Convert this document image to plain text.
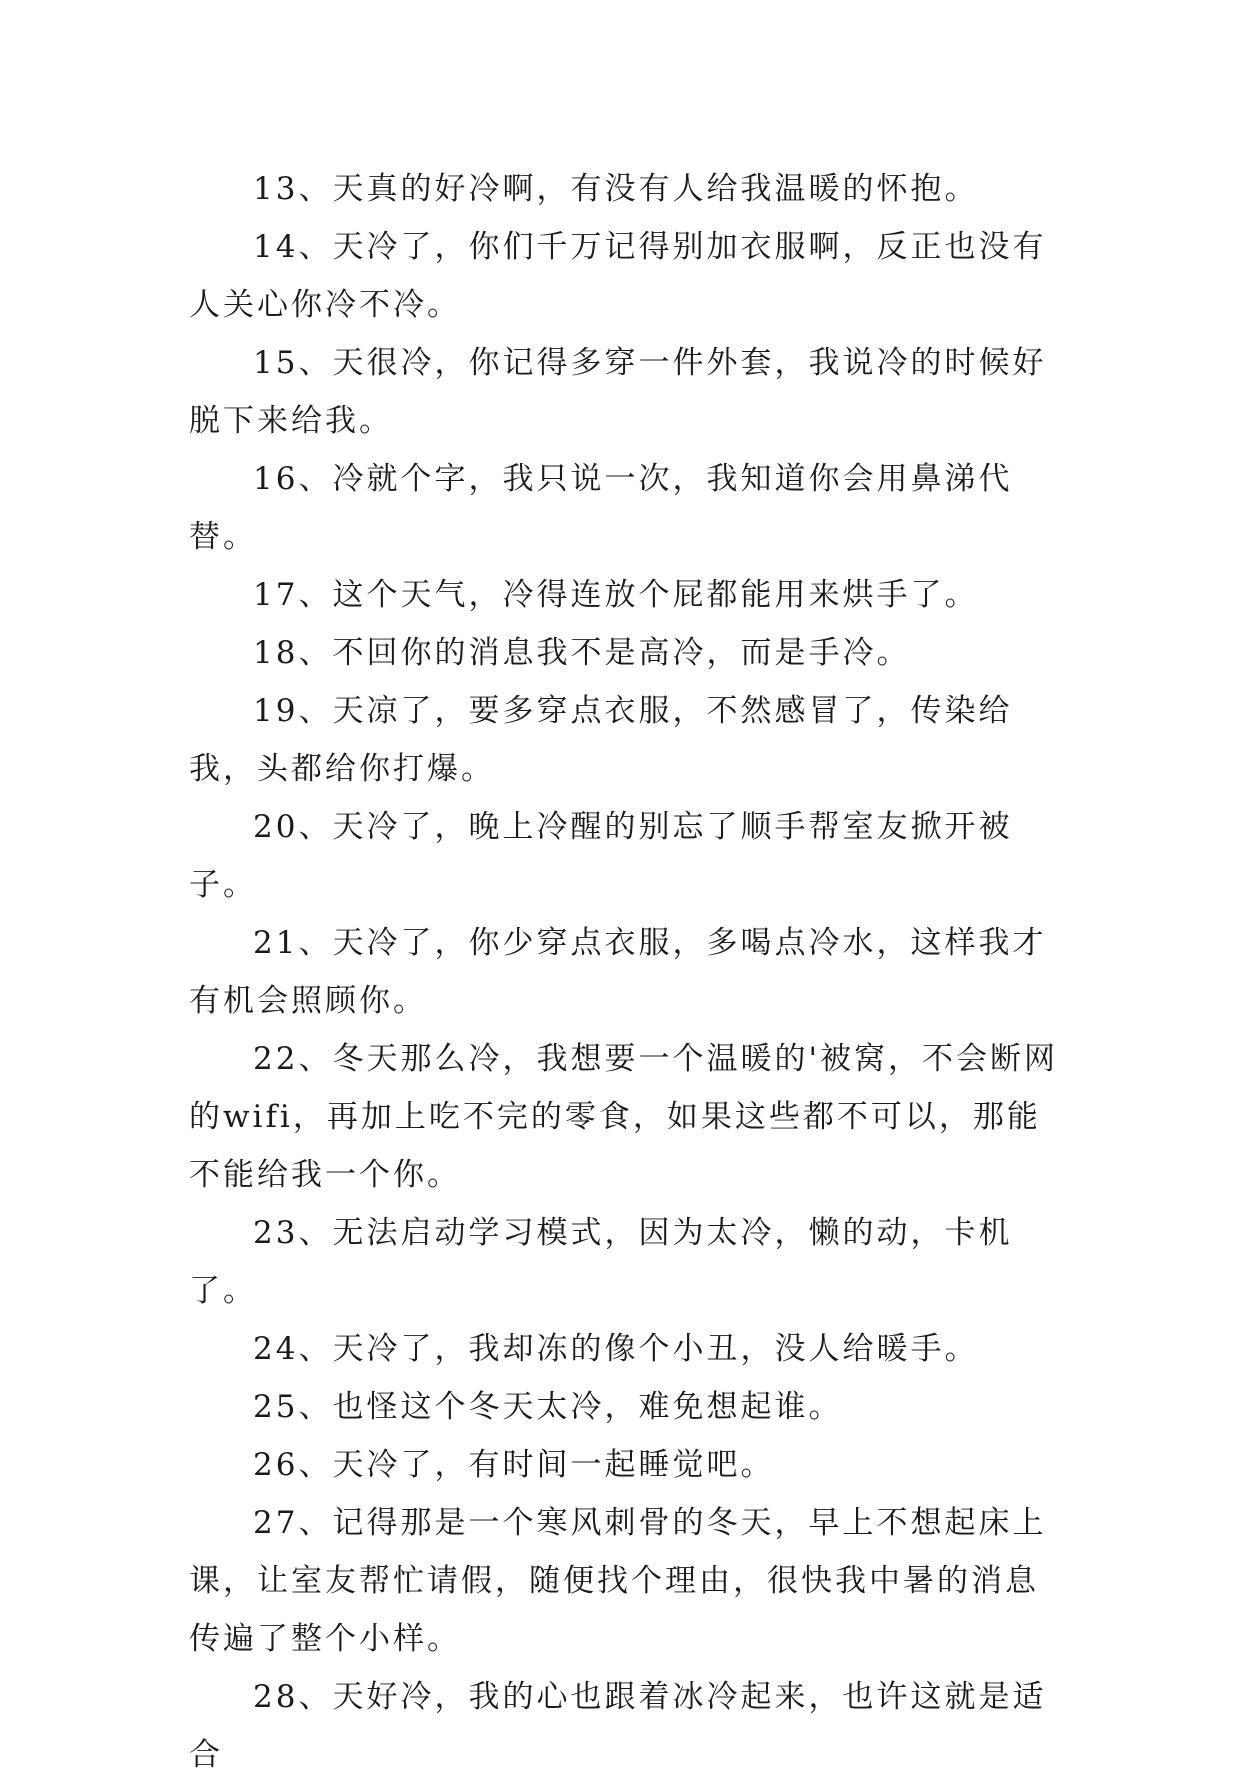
13、天真的好冷啊，有没有人给我温暖的怀抱。

14、天冷了，你们千万记得别加衣服啊，反正也没有人关心你冷不冷。

15、天很冷，你记得多穿一件外套，我说冷的时候好脱下来给我。

16、冷就个字，我只说一次，我知道你会用鼻涕代替。

17、这个天气，冷得连放个屁都能用来烘手了。

18、不回你的消息我不是高冷，而是手冷。

19、天凉了，要多穿点衣服，不然感冒了，传染给我，头都给你打爆。

20、天冷了，晚上冷醒的别忘了顺手帮室友掀开被子。

21、天冷了，你少穿点衣服，多喝点冷水，这样我才有机会照顾你。

22、冬天那么冷，我想要一个温暖的'被窝，不会断网的wifi，再加上吃不完的零食，如果这些都不可以，那能不能给我一个你。

23、无法启动学习模式，因为太冷，懒的动，卡机了。

24、天冷了，我却冻的像个小丑，没人给暖手。

25、也怪这个冬天太冷，难免想起谁。

26、天冷了，有时间一起睡觉吧。

27、记得那是一个寒风刺骨的冬天，早上不想起床上课，让室友帮忙请假，随便找个理由，很快我中暑的消息传遍了整个小样。

28、天好冷，我的心也跟着冰冷起来，也许这就是适合
